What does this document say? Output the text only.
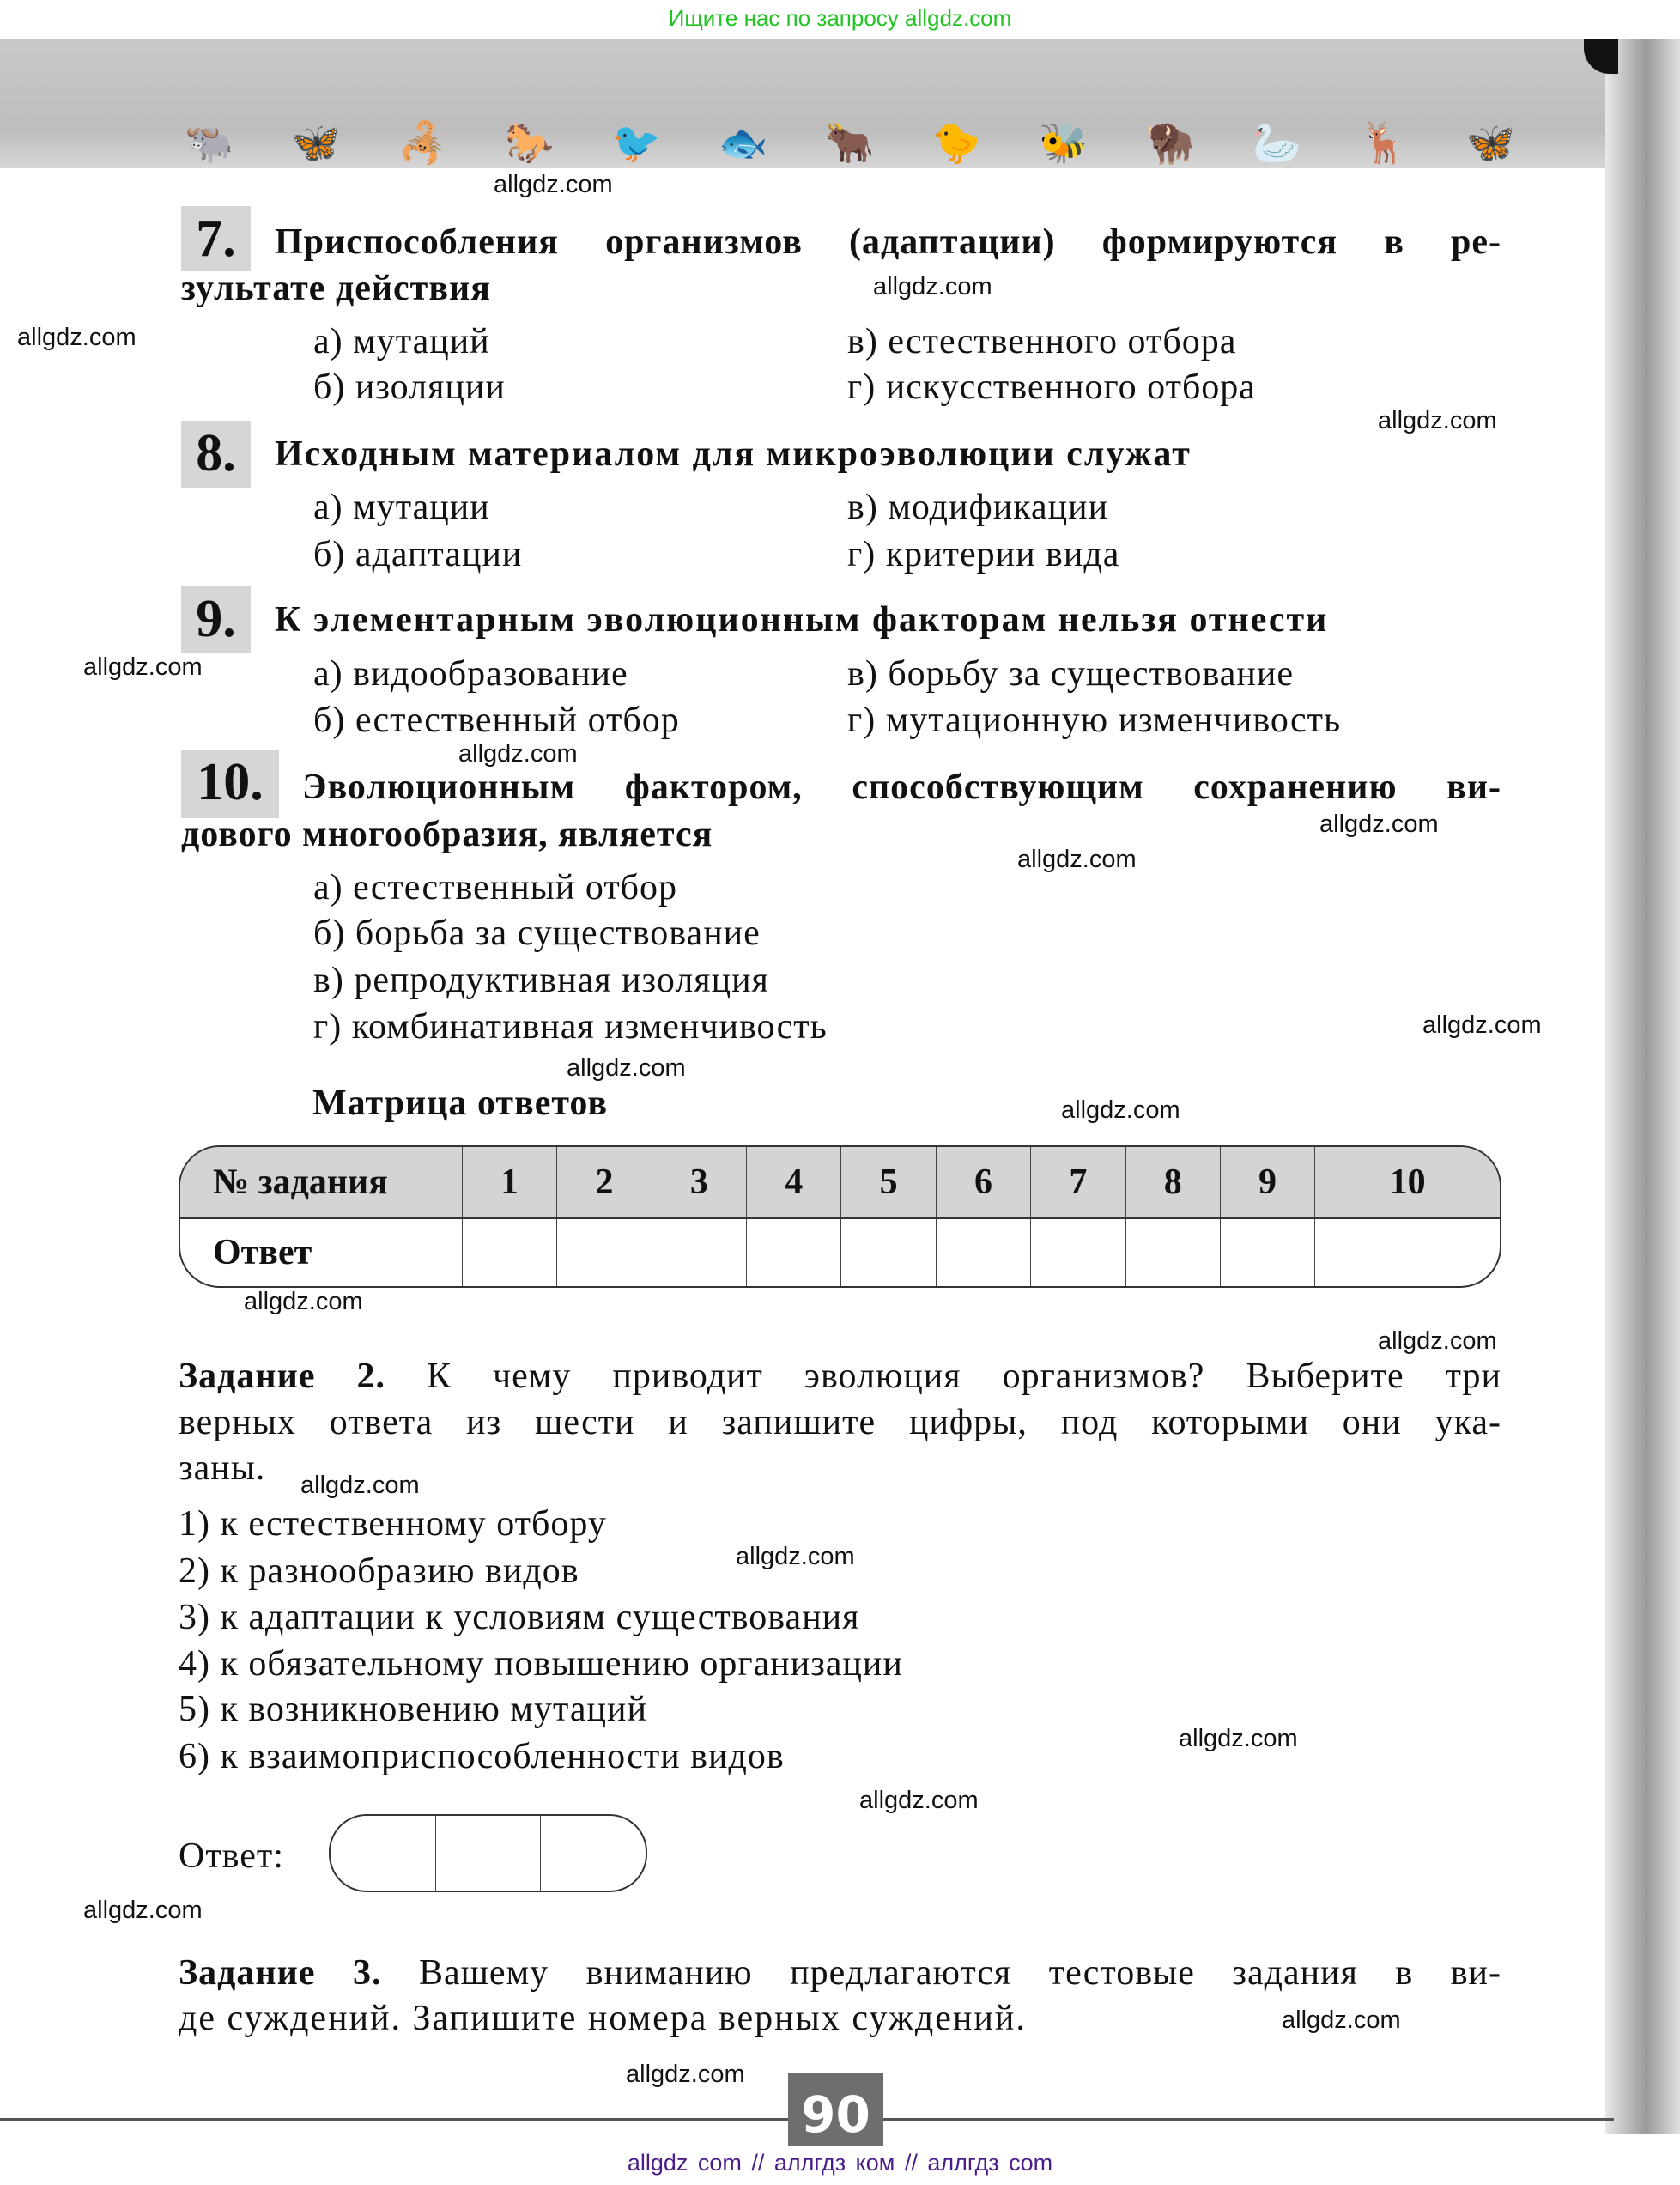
Ищите нас по запросу allgdz.com
🐃 🦋 🦂 🐎 🐦 🐟 🐂 🐤 🐝 🦬 🦢 🦌 🦋
7.	Приспособления организмов (адаптации) формируются в ре-
зультате действия
а) мутаций	в) естественного отбора
б) изоляции	г) искусственного отбора
8.	Исходным материалом для микроэволюции служат
а) мутации	в) модификации
б) адаптации	г) критерии вида
9.	К элементарным эволюционным факторам нельзя отнести
а) видообразование	в) борьбу за существование
б) естественный отбор	г) мутационную изменчивость
10.	Эволюционным фактором, способствующим сохранению ви-
дового многообразия, является
а) естественный отбор
б) борьба за существование
в) репродуктивная изоляция
г) комбинативная изменчивость
Матрица ответов
№ задания	1	2	3	4	5	6	7	8	9	10
Ответ										
Задание 2. К чему приводит эволюция организмов? Выберите три
верных ответа из шести и запишите цифры, под которыми они ука-
заны.
1) к естественному отбору
2) к разнообразию видов
3) к адаптации к условиям существования
4) к обязательному повышению организации
5) к возникновению мутаций
6) к взаимоприспособленности видов
Ответ:
Задание 3. Вашему вниманию предлагаются тестовые задания в ви-
де суждений. Запишите номера верных суждений.
90
allgdz com // аллгдз ком // аллгдз com
allgdz.com
allgdz.com
allgdz.com
allgdz.com
allgdz.com
allgdz.com
allgdz.com
allgdz.com
allgdz.com
allgdz.com
allgdz.com
allgdz.com
allgdz.com
allgdz.com
allgdz.com
allgdz.com
allgdz.com
allgdz.com
allgdz.com
allgdz.com
